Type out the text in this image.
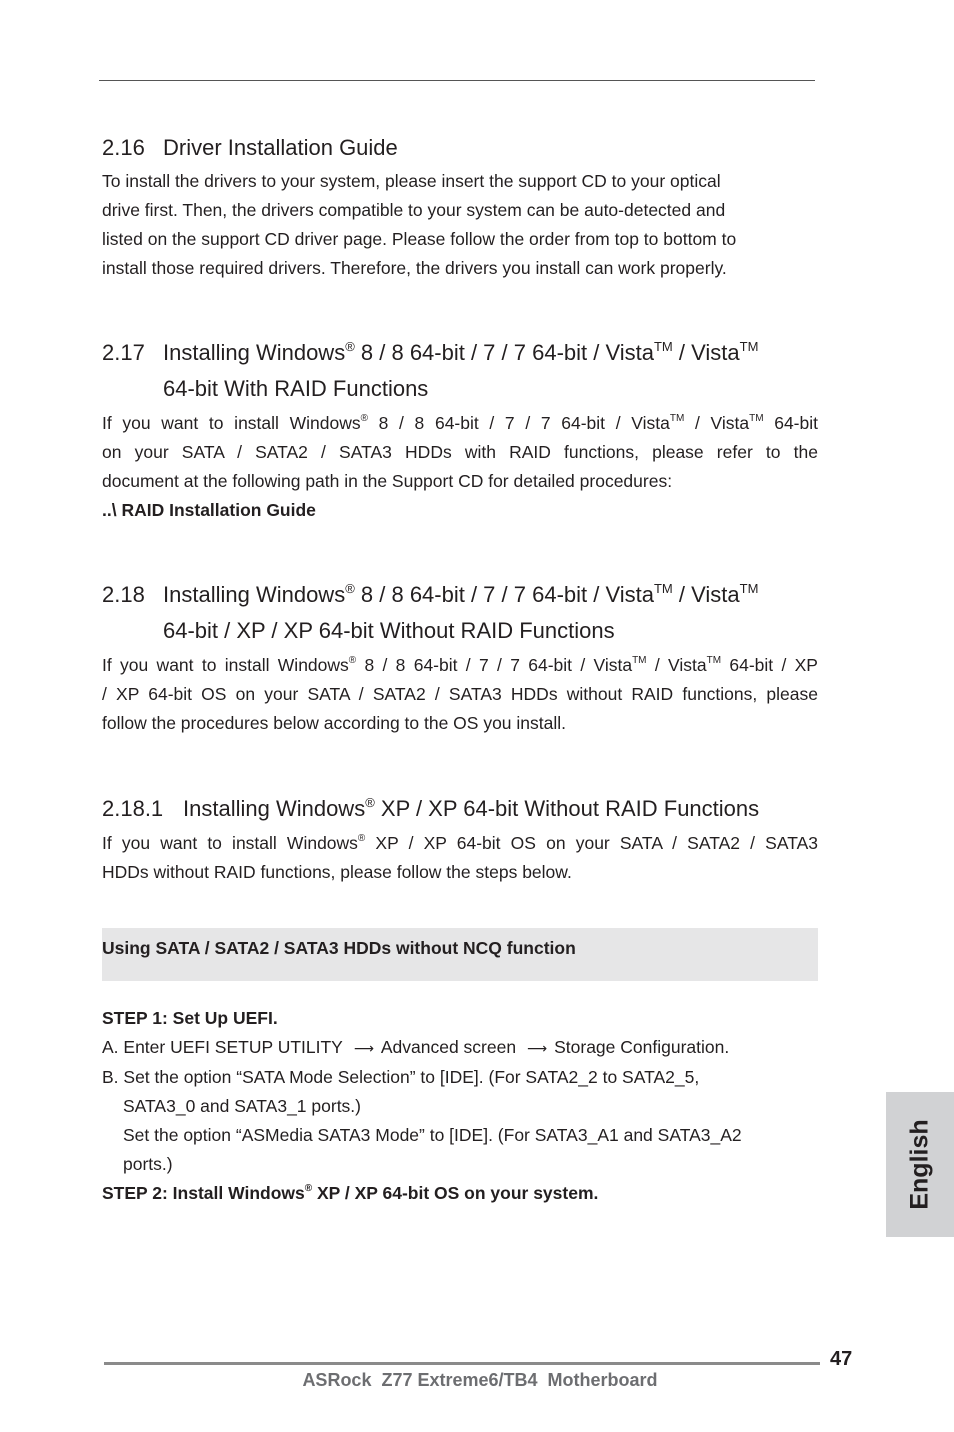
2.16 Driver Installation Guide
To install the drivers to your system, please insert the support CD to your optical
drive first. Then, the drivers compatible to your system can be auto-detected and
listed on the support CD driver page. Please follow the order from top to bottom to
install those required drivers. Therefore, the drivers you install can work properly.
2.17 Installing Windows® 8 / 8 64-bit / 7 / 7 64-bit / Vista™ / Vista™
64-bit With RAID Functions
If you want to install Windows® 8 / 8 64-bit / 7 / 7 64-bit / Vista™ / Vista™ 64-bit
on your SATA / SATA2 / SATA3 HDDs with RAID functions, please refer to the
document at the following path in the Support CD for detailed procedures:
..\ RAID Installation Guide
2.18 Installing Windows® 8 / 8 64-bit / 7 / 7 64-bit / Vista™ / Vista™
64-bit / XP / XP 64-bit Without RAID Functions
If you want to install Windows® 8 / 8 64-bit / 7 / 7 64-bit / Vista™ / Vista™ 64-bit / XP
/ XP 64-bit OS on your SATA / SATA2 / SATA3 HDDs without RAID functions, please
follow the procedures below according to the OS you install.
2.18.1 Installing Windows® XP / XP 64-bit Without RAID Functions
If you want to install Windows® XP / XP 64-bit OS on your SATA / SATA2 / SATA3
HDDs without RAID functions, please follow the steps below.
Using SATA / SATA2 / SATA3 HDDs without NCQ function
STEP 1: Set Up UEFI.
A. Enter UEFI SETUP UTILITY ⟶ Advanced screen ⟶ Storage Configuration.
B. Set the option “SATA Mode Selection” to [IDE]. (For SATA2_2 to SATA2_5,
SATA3_0 and SATA3_1 ports.)
Set the option “ASMedia SATA3 Mode” to [IDE]. (For SATA3_A1 and SATA3_A2
ports.)
STEP 2: Install Windows® XP / XP 64-bit OS on your system.	English
47
ASRock  Z77 Extreme6/TB4  Motherboard
